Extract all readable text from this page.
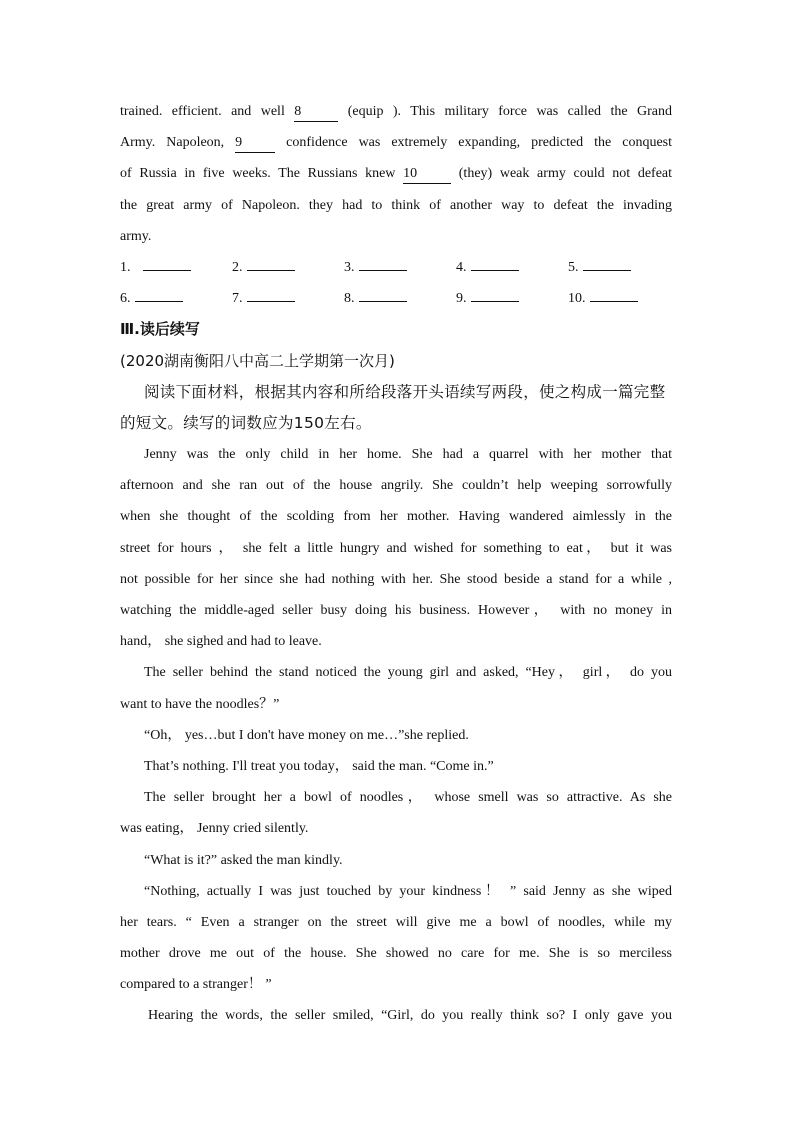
trained. efficient. and well 8	(equip ). This military force was called the Grand
Army. Napoleon, 9	confidence was extremely expanding, predicted the conquest
of Russia in five weeks. The Russians knew 10	(they) weak army could not defeat
the great army of Napoleon. they had to think of another way to defeat the invading
army.
1.	2.	3.	4.	5.
6.	7.	8.	9.	10.
Ⅲ.读后续写
(2020湖南衡阳八中高二上学期第一次月)
阅读下面材料，根据其内容和所给段落开头语续写两段，使之构成一篇完整
的短文。续写的词数应为150左右。
Jenny was the only child in her home. She had a quarrel with her mother that
afternoon and she ran out of the house angrily. She couldn’t help weeping sorrowfully
when she thought of the scolding from her mother. Having wandered aimlessly in the
street for hours ， she felt a little hungry and wished for something to eat， but it was
not possible for her since she had nothing with her. She stood beside a stand for a while ,
watching the middle-aged seller busy doing his business. However， with no money in
hand， she sighed and had to leave.
The seller behind the stand noticed the young girl and asked, “Hey， girl， do you
want to have the noodles？”
“Oh， yes…but I don't have money on me…”she replied.
That’s nothing. I'll treat you today， said the man. “Come in.”
The seller brought her a bowl of noodles， whose smell was so attractive. As she
was eating， Jenny cried silently.
“What is it?” asked the man kindly.
“Nothing, actually I was just touched by your kindness！ ” said Jenny as she wiped
her tears. “ Even a stranger on the street will give me a bowl of noodles, while my
mother drove me out of the house. She showed no care for me. She is so merciless
compared to a stranger！ ”
Hearing the words, the seller smiled, “Girl, do you really think so? I only gave you
